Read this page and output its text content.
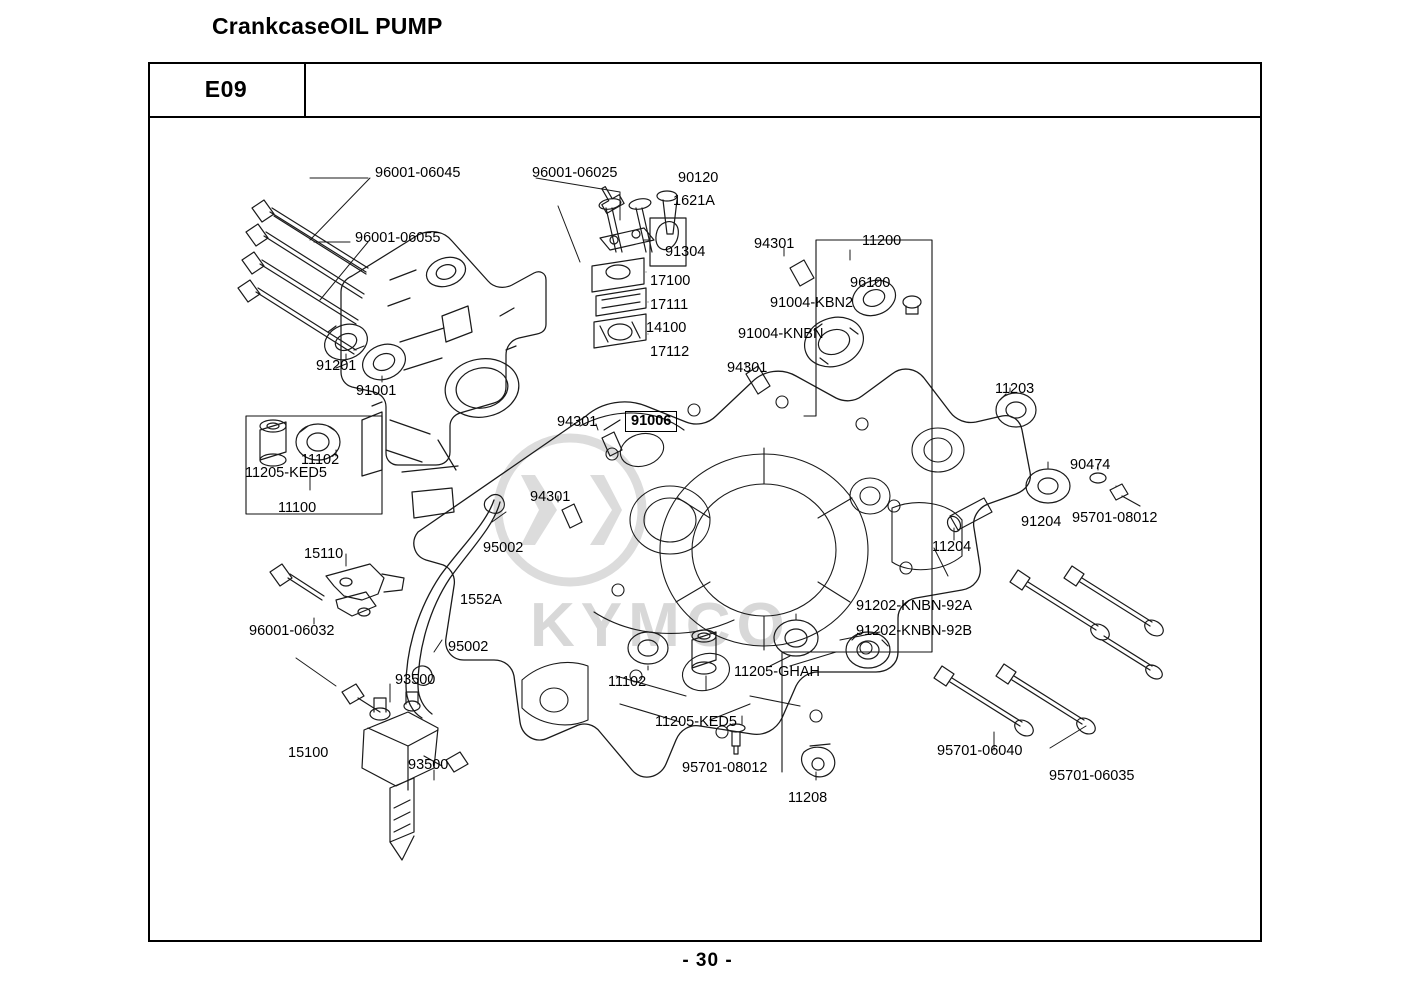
E09
CrankcaseOIL PUMP
KYMCO
96001-06045
96001-06055
96001-06025	90120
1621A
91304
17100
17111
14100
17112
94301	11200
96100
91004-KBN2
91004-KNBN
11203
94301
94301	91006
94301
95002
91201
91001
11102
11205-KED5
11100
15110
1552A
96001-06032
95002
93500
15100
93500
11102
11205-KED5
11205-GHAH
91202-KNBN-92A
91202-KNBN-92B
11204
91204
90474
95701-08012
95701-06040
95701-06035
95701-08012
11208
- 30 -
